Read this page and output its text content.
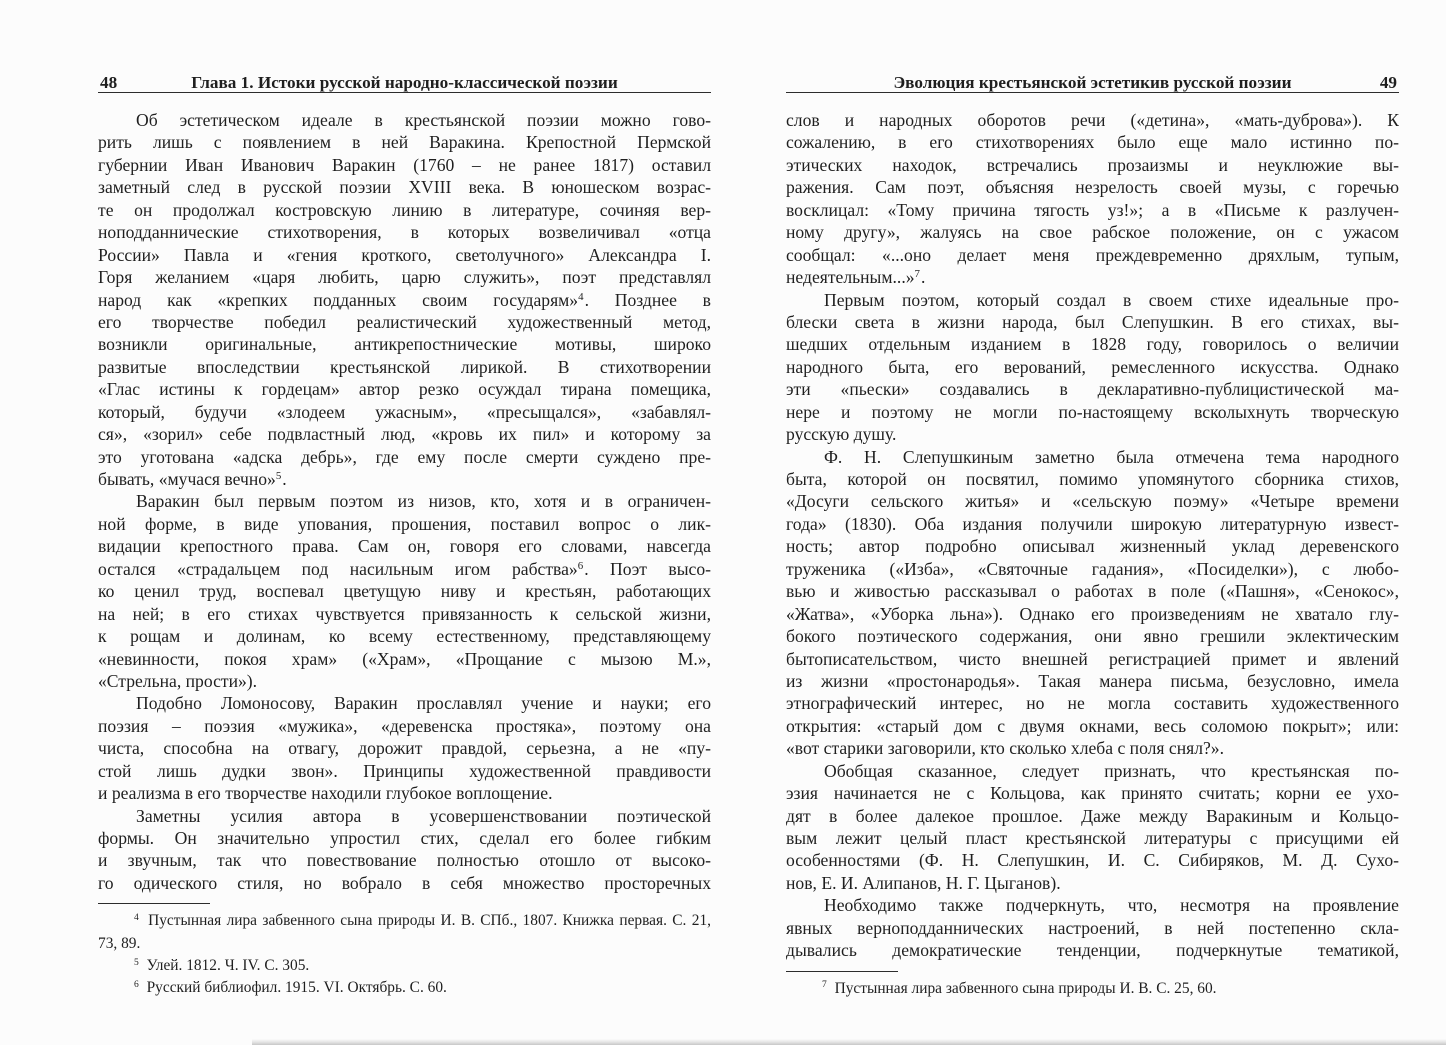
48	Глава 1. Истоки русской народно-классической поэзии
Об эстетическом идеале в крестьянской поэзии можно гово-
рить лишь с появлением в ней Варакина. Крепостной Пермской
губернии Иван Иванович Варакин (1760 – не ранее 1817) оставил
заметный след в русской поэзии XVIII века. В юношеском возрас-
те он продолжал костровскую линию в литературе, сочиняя вер-
ноподданнические стихотворения, в которых возвеличивал «отца
России» Павла и «гения кроткого, светолучного» Александра I.
Горя желанием «царя любить, царю служить», поэт представлял
народ как «крепких подданных своим государям»$^4$. Позднее в
его творчестве победил реалистический художественный метод,
возникли оригинальные, антикрепостнические мотивы, широко
развитые впоследствии крестьянской лирикой. В стихотворении
«Глас истины к гордецам» автор резко осуждал тирана помещика,
который, будучи «злодеем ужасным», «пресыщался», «забавлял-
ся», «зорил» себе подвластный люд, «кровь их пил» и которому за
это уготована «адска дебрь», где ему после смерти суждено пре-
бывать, «мучася вечно»$^5$.
Варакин был первым поэтом из низов, кто, хотя и в ограничен-
ной форме, в виде упования, прошения, поставил вопрос о лик-
видации крепостного права. Сам он, говоря его словами, навсегда
остался «страдальцем под насильным игом рабства»$^6$. Поэт высо-
ко ценил труд, воспевал цветущую ниву и крестьян, работающих
на ней; в его стихах чувствуется привязанность к сельской жизни,
к рощам и долинам, ко всему естественному, представляющему
«невинности, покоя храм» («Храм», «Прощание с мызою М.»,
«Стрельна, прости»).
Подобно Ломоносову, Варакин прославлял учение и науки; его
поэзия – поэзия «мужика», «деревенска простяка», поэтому она
чиста, способна на отвагу, дорожит правдой, серьезна, а не «пу-
стой лишь дудки звон». Принципы художественной правдивости
и реализма в его творчестве находили глубокое воплощение.
Заметны усилия автора в усовершенствовании поэтической
формы. Он значительно упростил стих, сделал его более гибким
и звучным, так что повествование полностью отошло от высоко-
го одического стиля, но вобрало в себя множество просторечных
$^4$ Пустынная лира забвенного сына природы И. В. СПб., 1807. Книжка первая. С. 21, 73, 89.
$^5$ Улей. 1812. Ч. IV. С. 305.
$^6$ Русский библиофил. 1915. VI. Октябрь. С. 60.
Эволюция крестьянской эстетикив русской поэзии	49
слов и народных оборотов речи («детина», «мать-дуброва»). К
сожалению, в его стихотворениях было еще мало истинно по-
этических находок, встречались прозаизмы и неуклюжие вы-
ражения. Сам поэт, объясняя незрелость своей музы, с горечью
восклицал: «Тому причина тягость уз!»; а в «Письме к разлучен-
ному другу», жалуясь на свое рабское положение, он с ужасом
сообщал: «...оно делает меня преждевременно дряхлым, тупым,
недеятельным...»$^7$.
Первым поэтом, который создал в своем стихе идеальные про-
блески света в жизни народа, был Слепушкин. В его стихах, вы-
шедших отдельным изданием в 1828 году, говорилось о величии
народного быта, его верований, ремесленного искусства. Однако
эти «пьески» создавались в декларативно-публицистической ма-
нере и поэтому не могли по-настоящему всколыхнуть творческую
русскую душу.
Ф. Н. Слепушкиным заметно была отмечена тема народного
быта, которой он посвятил, помимо упомянутого сборника стихов,
«Досуги сельского житья» и «сельскую поэму» «Четыре времени
года» (1830). Оба издания получили широкую литературную извест-
ность; автор подробно описывал жизненный уклад деревенского
труженика («Изба», «Святочные гадания», «Посиделки»), с любо-
вью и живостью рассказывал о работах в поле («Пашня», «Сенокос»,
«Жатва», «Уборка льна»). Однако его произведениям не хватало глу-
бокого поэтического содержания, они явно грешили эклектическим
бытописательством, чисто внешней регистрацией примет и явлений
из жизни «простонародья». Такая манера письма, безусловно, имела
этнографический интерес, но не могла составить художественного
открытия: «старый дом с двумя окнами, весь соломою покрыт»; или:
«вот старики заговорили, кто сколько хлеба с поля снял?».
Обобщая сказанное, следует признать, что крестьянская по-
эзия начинается не с Кольцова, как принято считать; корни ее ухо-
дят в более далекое прошлое. Даже между Варакиным и Кольцо-
вым лежит целый пласт крестьянской литературы с присущими ей
особенностями (Ф. Н. Слепушкин, И. С. Сибиряков, М. Д. Сухо-
нов, Е. И. Алипанов, Н. Г. Цыганов).
Необходимо также подчеркнуть, что, несмотря на проявление
явных верноподданнических настроений, в ней постепенно скла-
дывались демократические тенденции, подчеркнутые тематикой,
$^7$ Пустынная лира забвенного сына природы И. В. С. 25, 60.
